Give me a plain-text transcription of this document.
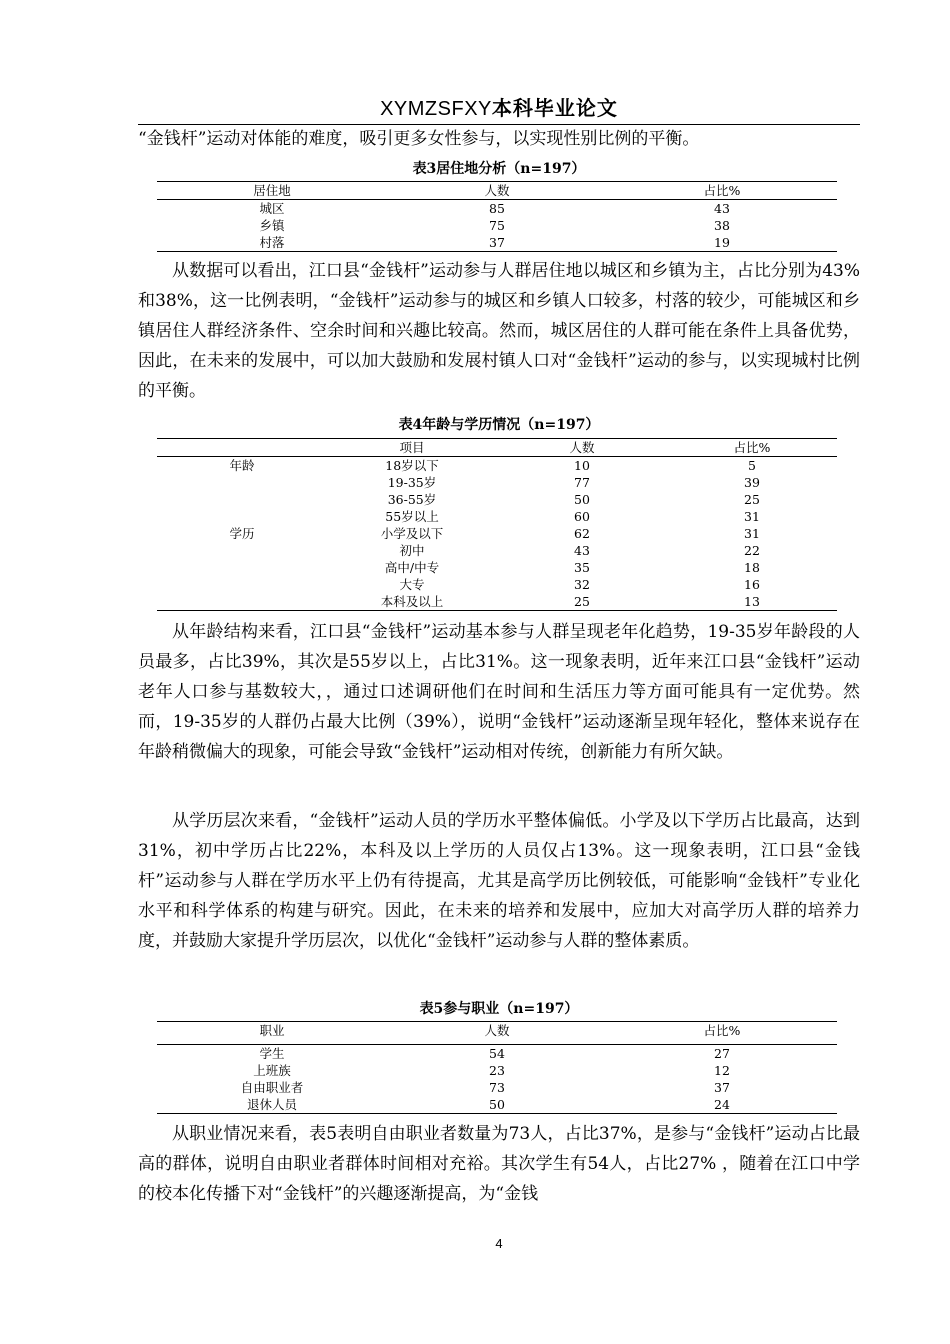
XYMZSFXY本科毕业论文

“金钱杆”运动对体能的难度，吸引更多女性参与，以实现性别比例的平衡。

表3居住地分析（n=197）
居住地	人数	占比%
城区	85	43
乡镇	75	38
村落	37	19

从数据可以看出，江口县“金钱杆”运动参与人群居住地以城区和乡镇为主，占比分别为43%和38%，这一比例表明，“金钱杆”运动参与的城区和乡镇人口较多，村落的较少，可能城区和乡镇居住人群经济条件、空余时间和兴趣比较高。然而，城区居住的人群可能在条件上具备优势，因此，在未来的发展中，可以加大鼓励和发展村镇人口对“金钱杆”运动的参与，以实现城村比例的平衡。

表4年龄与学历情况（n=197）
	项目	人数	占比%
年龄	18岁以下	10	5
	19-35岁	77	39
	36-55岁	50	25
	55岁以上	60	31
学历	小学及以下	62	31
	初中	43	22
	高中/中专	35	18
	大专	32	16
	本科及以上	25	13

从年龄结构来看，江口县“金钱杆”运动基本参与人群呈现老年化趋势，19-35岁年龄段的人员最多，占比39%，其次是55岁以上，占比31%。这一现象表明，近年来江口县“金钱杆”运动老年人口参与基数较大，，通过口述调研他们在时间和生活压力等方面可能具有一定优势。然而，19-35岁的人群仍占最大比例（39%），说明“金钱杆”运动逐渐呈现年轻化，整体来说存在年龄稍微偏大的现象，可能会导致“金钱杆”运动相对传统，创新能力有所欠缺。

从学历层次来看，“金钱杆”运动人员的学历水平整体偏低。小学及以下学历占比最高，达到31%，初中学历占比22%，本科及以上学历的人员仅占13%。这一现象表明，江口县“金钱杆”运动参与人群在学历水平上仍有待提高，尤其是高学历比例较低，可能影响“金钱杆”专业化水平和科学体系的构建与研究。因此，在未来的培养和发展中，应加大对高学历人群的培养力度，并鼓励大家提升学历层次，以优化“金钱杆”运动参与人群的整体素质。

表5参与职业（n=197）
职业	人数	占比%
学生	54	27
上班族	23	12
自由职业者	73	37
退休人员	50	24

从职业情况来看，表5表明自由职业者数量为73人，占比37%，是参与“金钱杆”运动占比最高的群体，说明自由职业者群体时间相对充裕。其次学生有54人，占比27% ，随着在江口中学的校本化传播下对“金钱杆”的兴趣逐渐提高，为“金钱

4
